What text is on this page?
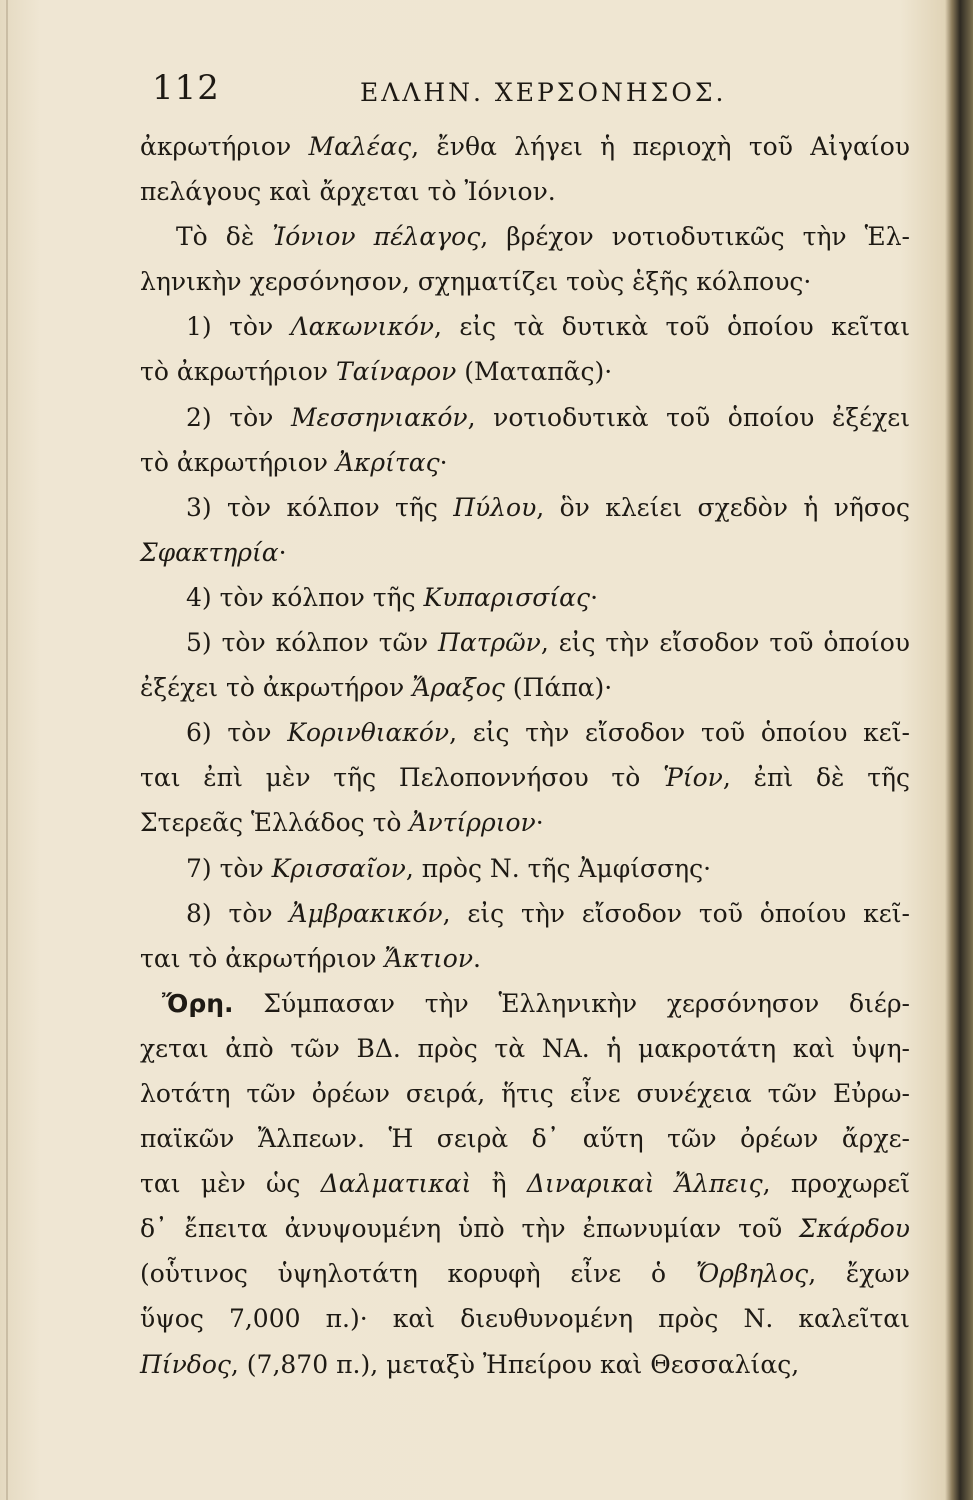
112	ΕΛΛΗΝ. ΧΕΡΣΟΝΗΣΟΣ.
ἀκρωτήριον Μαλέας, ἔνθα λήγει ἡ περιοχὴ τοῦ Αἰγαίου
πελάγους καὶ ἄρχεται τὸ Ἰόνιον.
Τὸ δὲ Ἰόνιον πέλαγος, βρέχον νοτιοδυτικῶς τὴν Ἑλ-
ληνικὴν χερσόνησον, σχηματίζει τοὺς ἑξῆς κόλπους·
1) τὸν Λακωνικόν, εἰς τὰ δυτικὰ τοῦ ὁποίου κεῖται
τὸ ἀκρωτήριον Ταίναρον (Ματαπᾶς)·
2) τὸν Μεσσηνιακόν, νοτιοδυτικὰ τοῦ ὁποίου ἐξέχει
τὸ ἀκρωτήριον Ἀκρίτας·
3) τὸν κόλπον τῆς Πύλου, ὃν κλείει σχεδὸν ἡ νῆσος
Σφακτηρία·
4) τὸν κόλπον τῆς Κυπαρισσίας·
5) τὸν κόλπον τῶν Πατρῶν, εἰς τὴν εἴσοδον τοῦ ὁποίου
ἐξέχει τὸ ἀκρωτήρον Ἄραξος (Πάπα)·
6) τὸν Κορινθιακόν, εἰς τὴν εἴσοδον τοῦ ὁποίου κεῖ-
ται ἐπὶ μὲν τῆς Πελοποννήσου τὸ Ῥίον, ἐπὶ δὲ τῆς
Στερεᾶς Ἑλλάδος τὸ Ἀντίρριον·
7) τὸν Κρισσαῖον, πρὸς Ν. τῆς Ἀμφίσσης·
8) τὸν Ἀμβρακικόν, εἰς τὴν εἴσοδον τοῦ ὁποίου κεῖ-
ται τὸ ἀκρωτήριον Ἄκτιον.
Ὄρη. Σύμπασαν τὴν Ἑλληνικὴν χερσόνησον διέρ-
χεται ἀπὸ τῶν ΒΔ. πρὸς τὰ ΝΑ. ἡ μακροτάτη καὶ ὑψη-
λοτάτη τῶν ὀρέων σειρά, ἥτις εἶνε συνέχεια τῶν Εὐρω-
παϊκῶν Ἄλπεων. Ἡ σειρὰ δ᾽ αὕτη τῶν ὀρέων ἄρχε-
ται μὲν ὡς Δαλματικαὶ ἢ Διναρικαὶ Ἄλπεις, προχωρεῖ
δ᾽ ἔπειτα ἀνυψουμένη ὑπὸ τὴν ἐπωνυμίαν τοῦ Σκάρδου
(οὗτινος ὑψηλοτάτη κορυφὴ εἶνε ὁ Ὄρβηλος, ἔχων
ὕψος 7,000 π.)· καὶ διευθυνομένη πρὸς Ν. καλεῖται
Πίνδος, (7,870 π.), μεταξὺ Ἠπείρου καὶ Θεσσαλίας,
